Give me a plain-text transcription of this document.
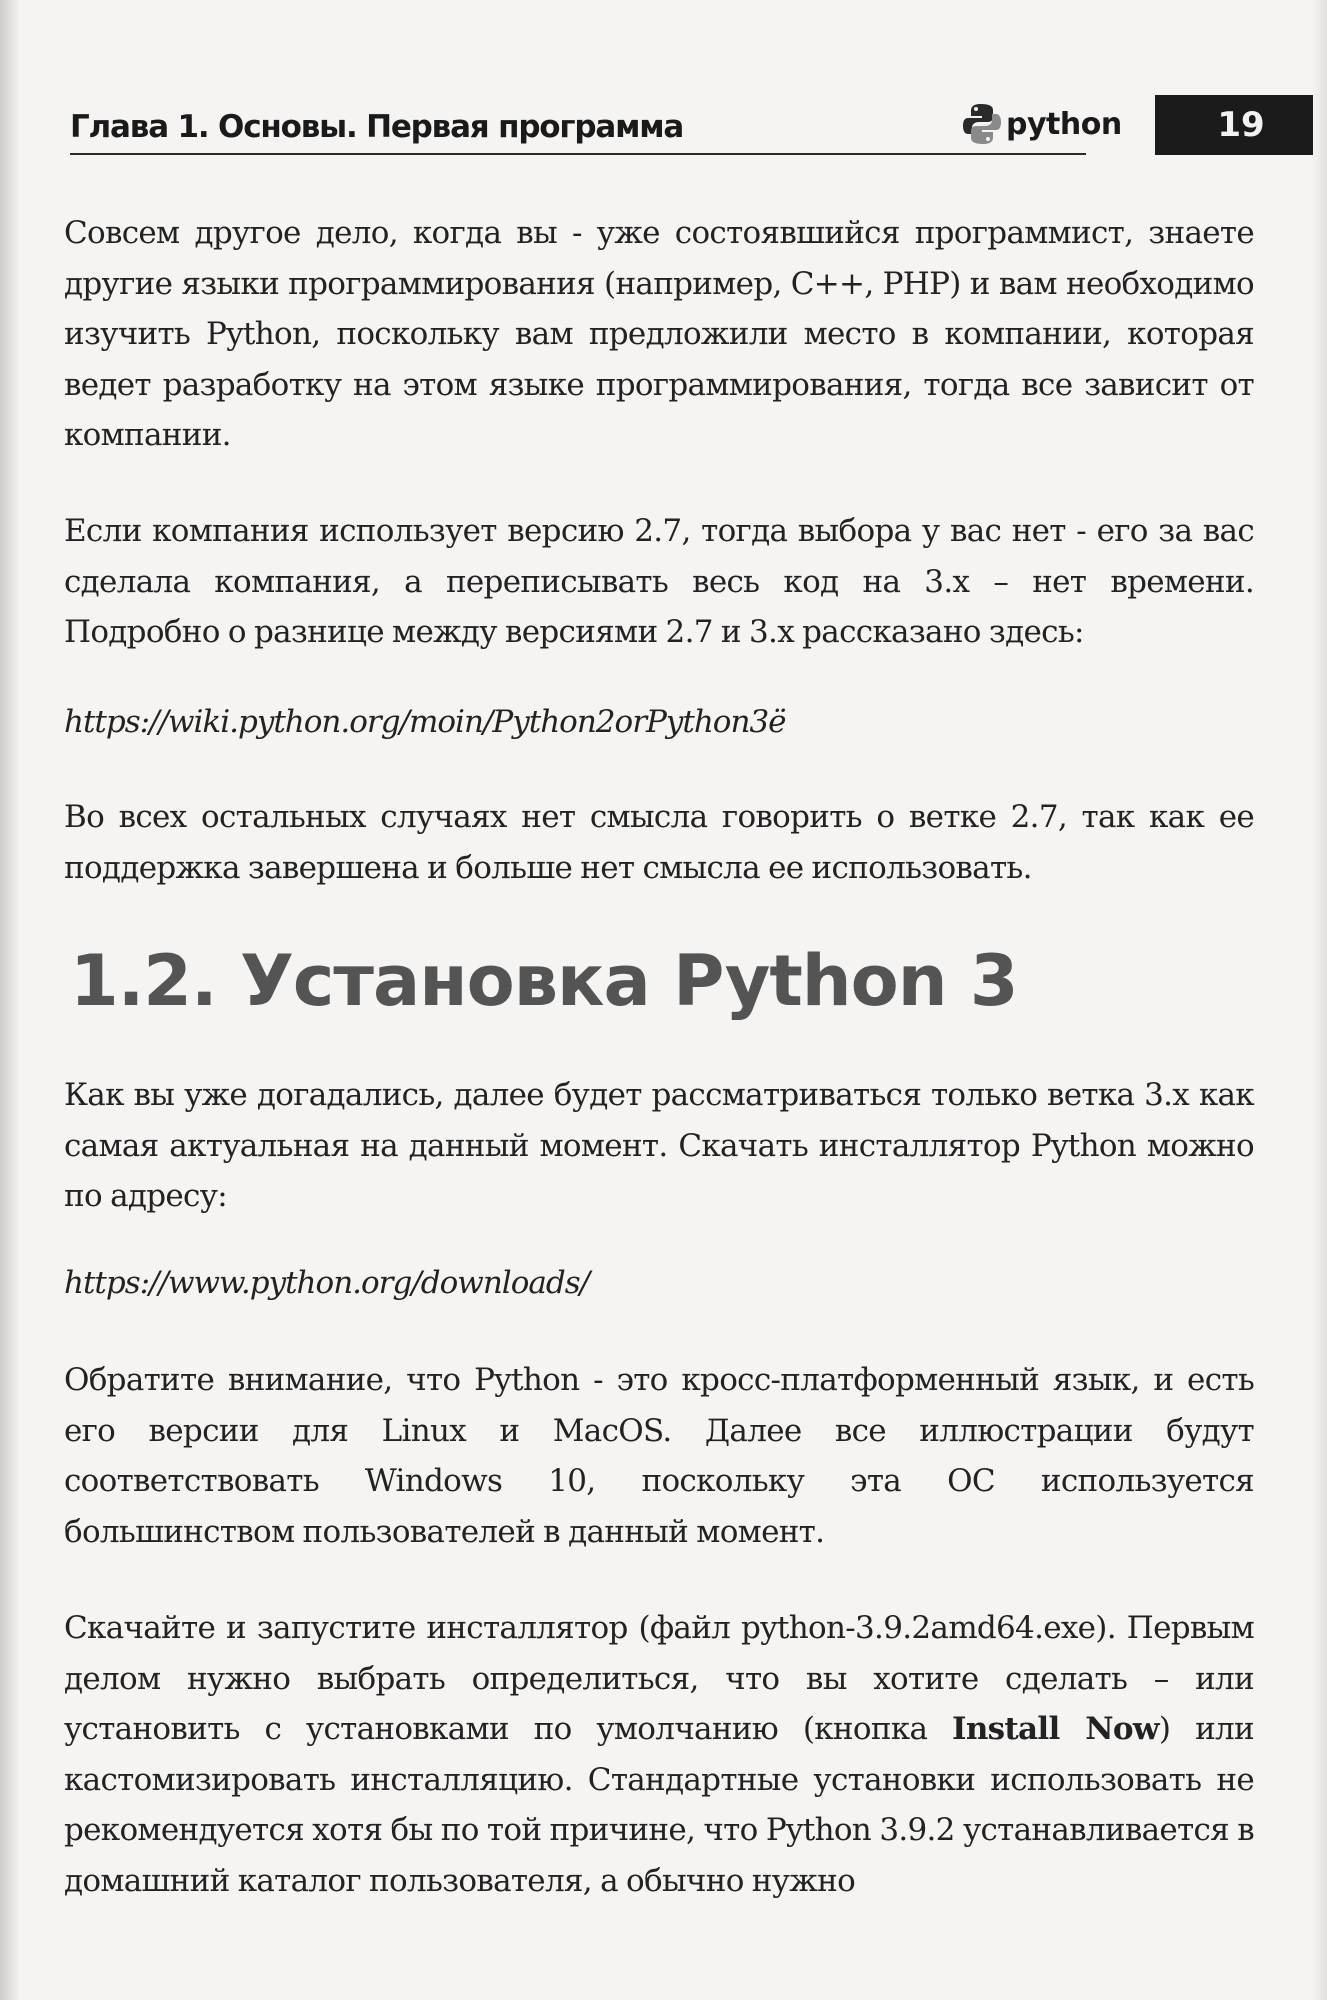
Глава 1. Основы. Первая программа	python	19

Совсем другое дело, когда вы - уже состоявшийся программист, знаете другие языки программирования (например, C++, PHP) и вам необходимо изучить Python, поскольку вам предложили место в компании, которая ведет разработку на этом языке программирования, тогда все зависит от компании.

Если компания использует версию 2.7, тогда выбора у вас нет - его за вас сделала компания, а переписывать весь код на 3.x – нет времени. Подробно о разнице между версиями 2.7 и 3.x рассказано здесь:

https://wiki.python.org/moin/Python2orPython3ё

Во всех остальных случаях нет смысла говорить о ветке 2.7, так как ее поддержка завершена и больше нет смысла ее использовать.

1.2. Установка Python 3

Как вы уже догадались, далее будет рассматриваться только ветка 3.x как самая актуальная на данный момент. Скачать инсталлятор Python можно по адресу:

https://www.python.org/downloads/

Обратите внимание, что Python - это кросс-платформенный язык, и есть его версии для Linux и MacOS. Далее все иллюстрации будут соответствовать Windows 10, поскольку эта ОС используется большинством пользователей в данный момент.

Скачайте и запустите инсталлятор (файл python-3.9.2amd64.exe). Первым делом нужно выбрать определиться, что вы хотите сделать – или установить с установками по умолчанию (кнопка Install Now) или кастомизировать инсталляцию. Стандартные установки использовать не рекомендуется хотя бы по той причине, что Python 3.9.2 устанавливается в домашний каталог пользователя, а обычно нужно
